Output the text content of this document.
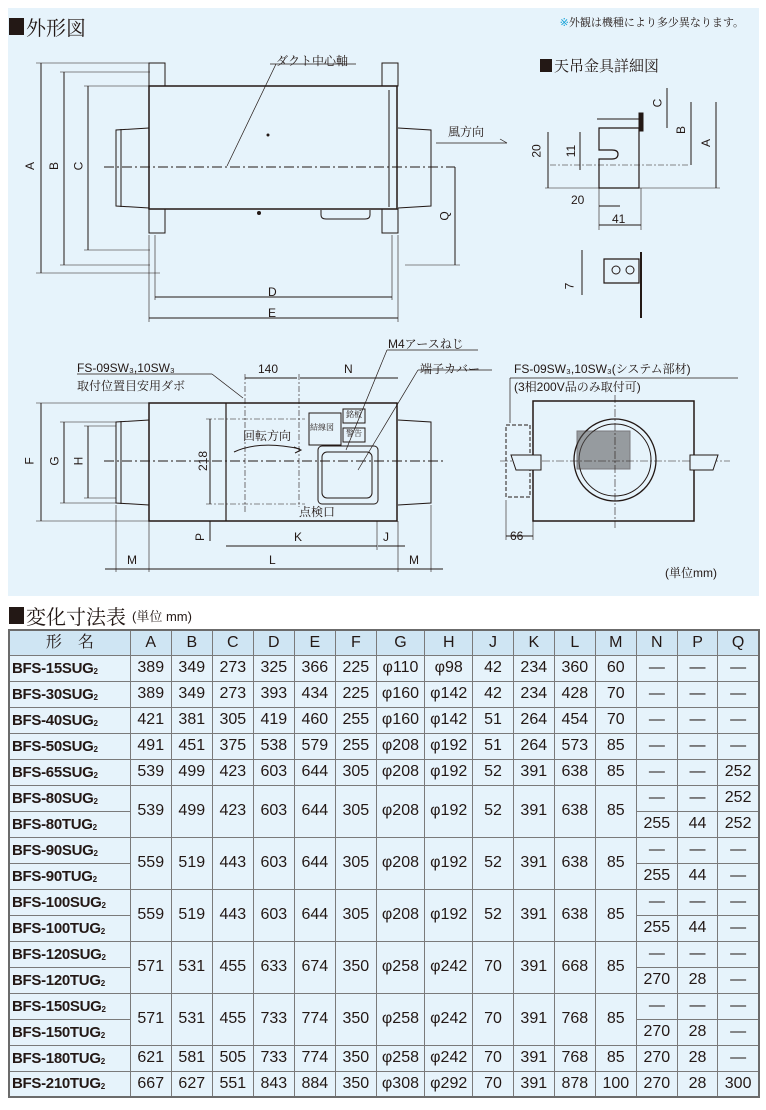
外形図	※外観は機種により多少異なります。
ダクト中心軸
風方向
A B C
D
E
Q
天吊金具詳細図
C
B
A
20 11
20
41
7
FS-09SW₃,10SW₃
取付位置目安用ダボ
140	N
M4アースねじ
端子カバー
回転方向
結線図
銘板
警告
点検口
218
F G H
P	K	J
M	L	M
FS-09SW₃,10SW₃(システム部材)
(3相200V品のみ取付可)
66
(単位mm)
変化寸法表 (単位 mm)
形　名	A	B	C	D	E	F	G	H	J	K	L	M	N	P	Q
BFS-$15SUG_2$	389	349	273	325	366	225	φ110	φ98	42	234	360	60	—	—	—
BFS-$30SUG_2$	389	349	273	393	434	225	φ160	φ142	42	234	428	70	—	—	—
BFS-$40SUG_2$	421	381	305	419	460	255	φ160	φ142	51	264	454	70	—	—	—
BFS-$50SUG_2$	491	451	375	538	579	255	φ208	φ192	51	264	573	85	—	—	—
BFS-$65SUG_2$	539	499	423	603	644	305	φ208	φ192	52	391	638	85	—	—	252
BFS-$80SUG_2$	539	499	423	603	644	305	φ208	φ192	52	391	638	85	—	—	252
BFS-$80TUG_2$													255	44	252
BFS-$90SUG_2$	559	519	443	603	644	305	φ208	φ192	52	391	638	85	—	—	—
BFS-$90TUG_2$													255	44	—
BFS-$100SUG_2$	559	519	443	603	644	305	φ208	φ192	52	391	638	85	—	—	—
BFS-$100TUG_2$													255	44	—
BFS-$120SUG_2$	571	531	455	633	674	350	φ258	φ242	70	391	668	85	—	—	—
BFS-$120TUG_2$													270	28	—
BFS-$150SUG_2$	571	531	455	733	774	350	φ258	φ242	70	391	768	85	—	—	—
BFS-$150TUG_2$													270	28	—
BFS-$180TUG_2$	621	581	505	733	774	350	φ258	φ242	70	391	768	85	270	28	—
BFS-$210TUG_2$	667	627	551	843	884	350	φ308	φ292	70	391	878	100	270	28	300
